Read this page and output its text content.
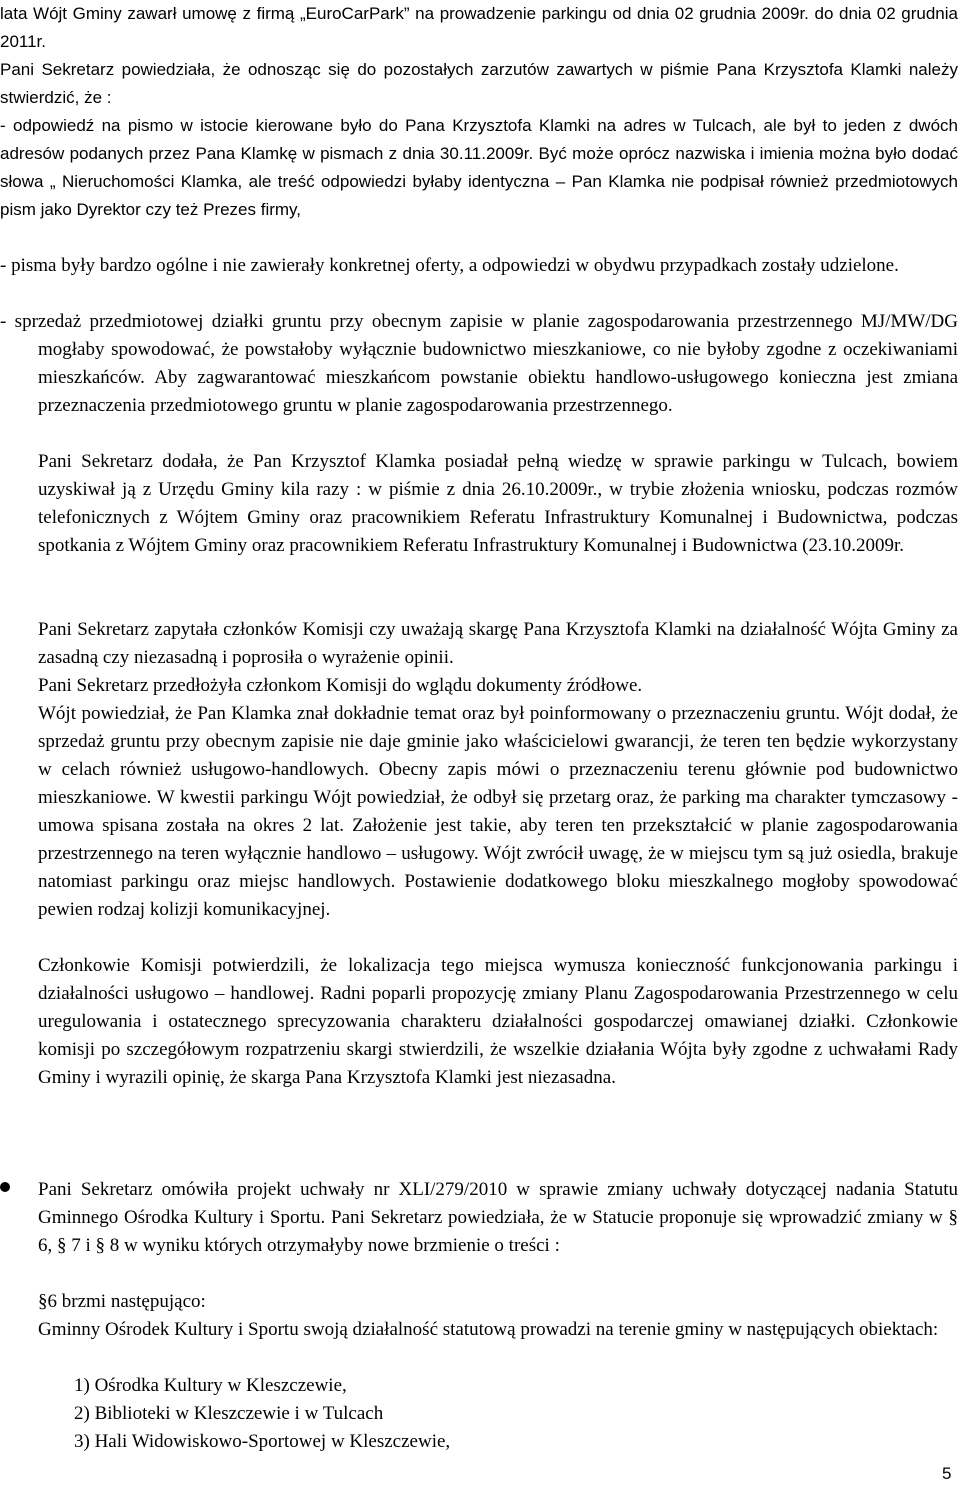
lata Wójt Gminy zawarł umowę z firmą „EuroCarPark” na prowadzenie parkingu od dnia 02 grudnia 2009r. do dnia 02 grudnia 2011r.

Pani Sekretarz powiedziała, że odnosząc się do pozostałych zarzutów zawartych w piśmie Pana Krzysztofa Klamki należy stwierdzić, że :

- odpowiedź na pismo w istocie kierowane było do Pana Krzysztofa Klamki na adres w Tulcach, ale był to jeden z dwóch adresów podanych przez Pana Klamkę w pismach z dnia 30.11.2009r. Być może oprócz nazwiska i imienia można było dodać słowa „ Nieruchomości Klamka, ale treść odpowiedzi byłaby identyczna – Pan Klamka nie podpisał również przedmiotowych pism jako Dyrektor czy też Prezes firmy,

- pisma były bardzo ogólne i nie zawierały konkretnej oferty, a odpowiedzi w obydwu przypadkach zostały udzielone.

- sprzedaż przedmiotowej działki gruntu przy obecnym zapisie w planie zagospodarowania przestrzennego MJ/MW/DG mogłaby spowodować, że powstałoby wyłącznie budownictwo mieszkaniowe, co nie byłoby zgodne z oczekiwaniami mieszkańców. Aby zagwarantować mieszkańcom powstanie obiektu handlowo-usługowego konieczna jest zmiana przeznaczenia przedmiotowego gruntu w planie zagospodarowania przestrzennego.

Pani Sekretarz dodała, że Pan Krzysztof Klamka posiadał pełną wiedzę w sprawie parkingu w Tulcach, bowiem uzyskiwał ją z Urzędu Gminy kila razy : w piśmie z dnia 26.10.2009r., w trybie złożenia wniosku, podczas rozmów telefonicznych z Wójtem Gminy oraz pracownikiem Referatu Infrastruktury Komunalnej i Budownictwa, podczas spotkania z Wójtem Gminy oraz pracownikiem Referatu Infrastruktury Komunalnej i Budownictwa (23.10.2009r.

Pani Sekretarz zapytała członków Komisji czy uważają skargę Pana Krzysztofa Klamki na działalność Wójta Gminy za zasadną czy niezasadną i poprosiła o wyrażenie opinii.

Pani Sekretarz przedłożyła członkom Komisji do wglądu dokumenty źródłowe.

Wójt powiedział, że Pan Klamka znał dokładnie temat oraz był poinformowany o przeznaczeniu gruntu. Wójt dodał, że sprzedaż gruntu przy obecnym zapisie nie daje gminie jako właścicielowi gwarancji, że teren ten będzie wykorzystany w celach również usługowo-handlowych. Obecny zapis mówi o przeznaczeniu terenu głównie pod budownictwo mieszkaniowe. W kwestii parkingu Wójt powiedział, że odbył się przetarg oraz, że parking ma charakter tymczasowy - umowa spisana została na okres 2 lat. Założenie jest takie, aby teren ten przekształcić w planie zagospodarowania przestrzennego na teren wyłącznie handlowo – usługowy. Wójt zwrócił uwagę, że w miejscu tym są już osiedla, brakuje natomiast parkingu oraz miejsc handlowych. Postawienie dodatkowego bloku mieszkalnego mogłoby spowodować pewien rodzaj kolizji komunikacyjnej.

Członkowie Komisji potwierdzili, że lokalizacja tego miejsca wymusza konieczność funkcjonowania parkingu i działalności usługowo – handlowej. Radni poparli propozycję zmiany Planu Zagospodarowania Przestrzennego w celu uregulowania i ostatecznego sprecyzowania charakteru działalności gospodarczej omawianej działki. Członkowie komisji po szczegółowym rozpatrzeniu skargi stwierdzili, że wszelkie działania Wójta były zgodne z uchwałami Rady Gminy i wyrazili opinię, że skarga Pana Krzysztofa Klamki jest niezasadna.

Pani Sekretarz omówiła projekt uchwały nr XLI/279/2010 w sprawie zmiany uchwały dotyczącej nadania Statutu Gminnego Ośrodka Kultury i Sportu. Pani Sekretarz powiedziała, że w Statucie proponuje się wprowadzić zmiany w § 6, § 7 i § 8 w wyniku których otrzymałyby nowe brzmienie o treści :

§6 brzmi następująco:

Gminny Ośrodek Kultury i Sportu swoją działalność statutową prowadzi na terenie gminy w następujących obiektach:

1) Ośrodka Kultury w Kleszczewie,
2) Biblioteki w Kleszczewie i w Tulcach
3) Hali Widowiskowo-Sportowej w Kleszczewie,
5
